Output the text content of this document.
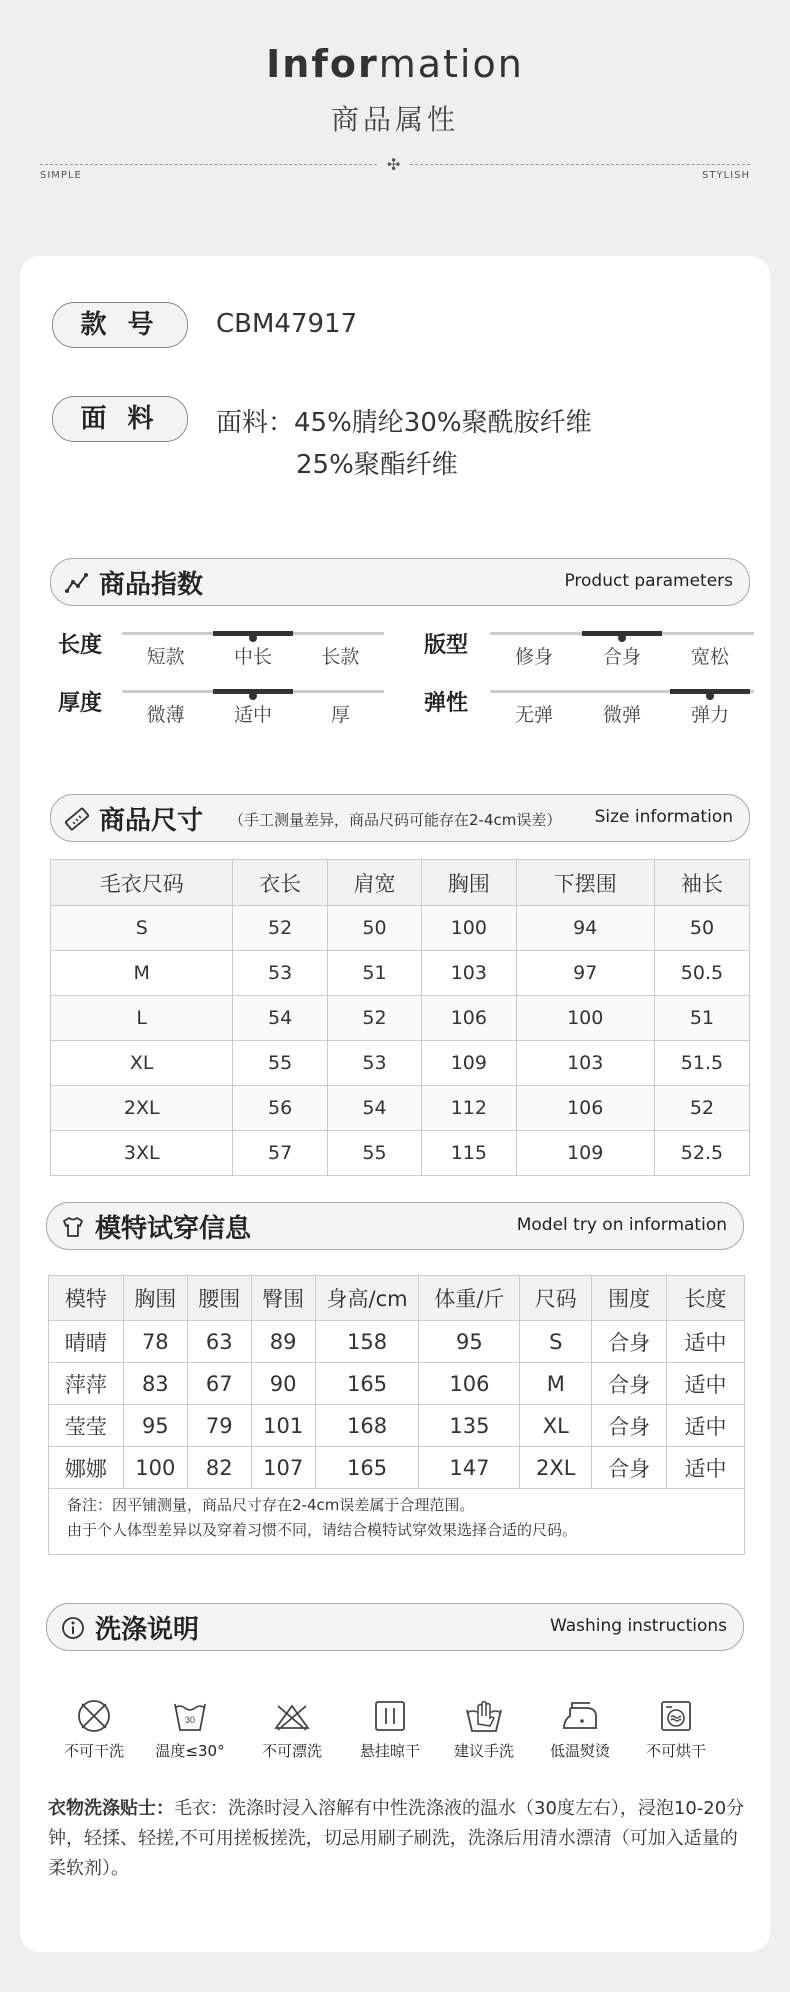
Information
商品属性
✣
SIMPLE	STYLISH
款 号	CBM47917
面 料	面料：45%腈纶30%聚酰胺纤维
25%聚酯纤维
商品指数	Product parameters
长度	短款	中长	长款	版型	修身	合身	宽松
厚度	微薄	适中	厚	弹性	无弹	微弹	弹力
商品尺寸 （手工测量差异，商品尺码可能存在2-4cm误差） Size information
毛衣尺码	衣长	肩宽	胸围	下摆围	袖长
S	52	50	100	94	50
M	53	51	103	97	50.5
L	54	52	106	100	51
XL	55	53	109	103	51.5
2XL	56	54	112	106	52
3XL	57	55	115	109	52.5
模特试穿信息	Model try on information
模特	胸围	腰围	臀围	身高/cm	体重/斤	尺码	围度	长度
晴晴	78	63	89	158	95	S	合身	适中
萍萍	83	67	90	165	106	M	合身	适中
莹莹	95	79	101	168	135	XL	合身	适中
娜娜	100	82	107	165	147	2XL	合身	适中
备注：因平铺测量，商品尺寸存在2-4cm误差属于合理范围。
由于个人体型差异以及穿着习惯不同，请结合模特试穿效果选择合适的尺码。
洗涤说明	Washing instructions
不可干洗
30
温度≤30°	不可漂洗	悬挂晾干	建议手洗	低温熨烫	不可烘干
衣物洗涤贴士：毛衣：洗涤时浸入溶解有中性洗涤液的温水（30度左右），浸泡10-20分钟，轻揉、轻搓,不可用搓板搓洗，切忌用刷子刷洗，洗涤后用清水漂清（可加入适量的柔软剂）。
